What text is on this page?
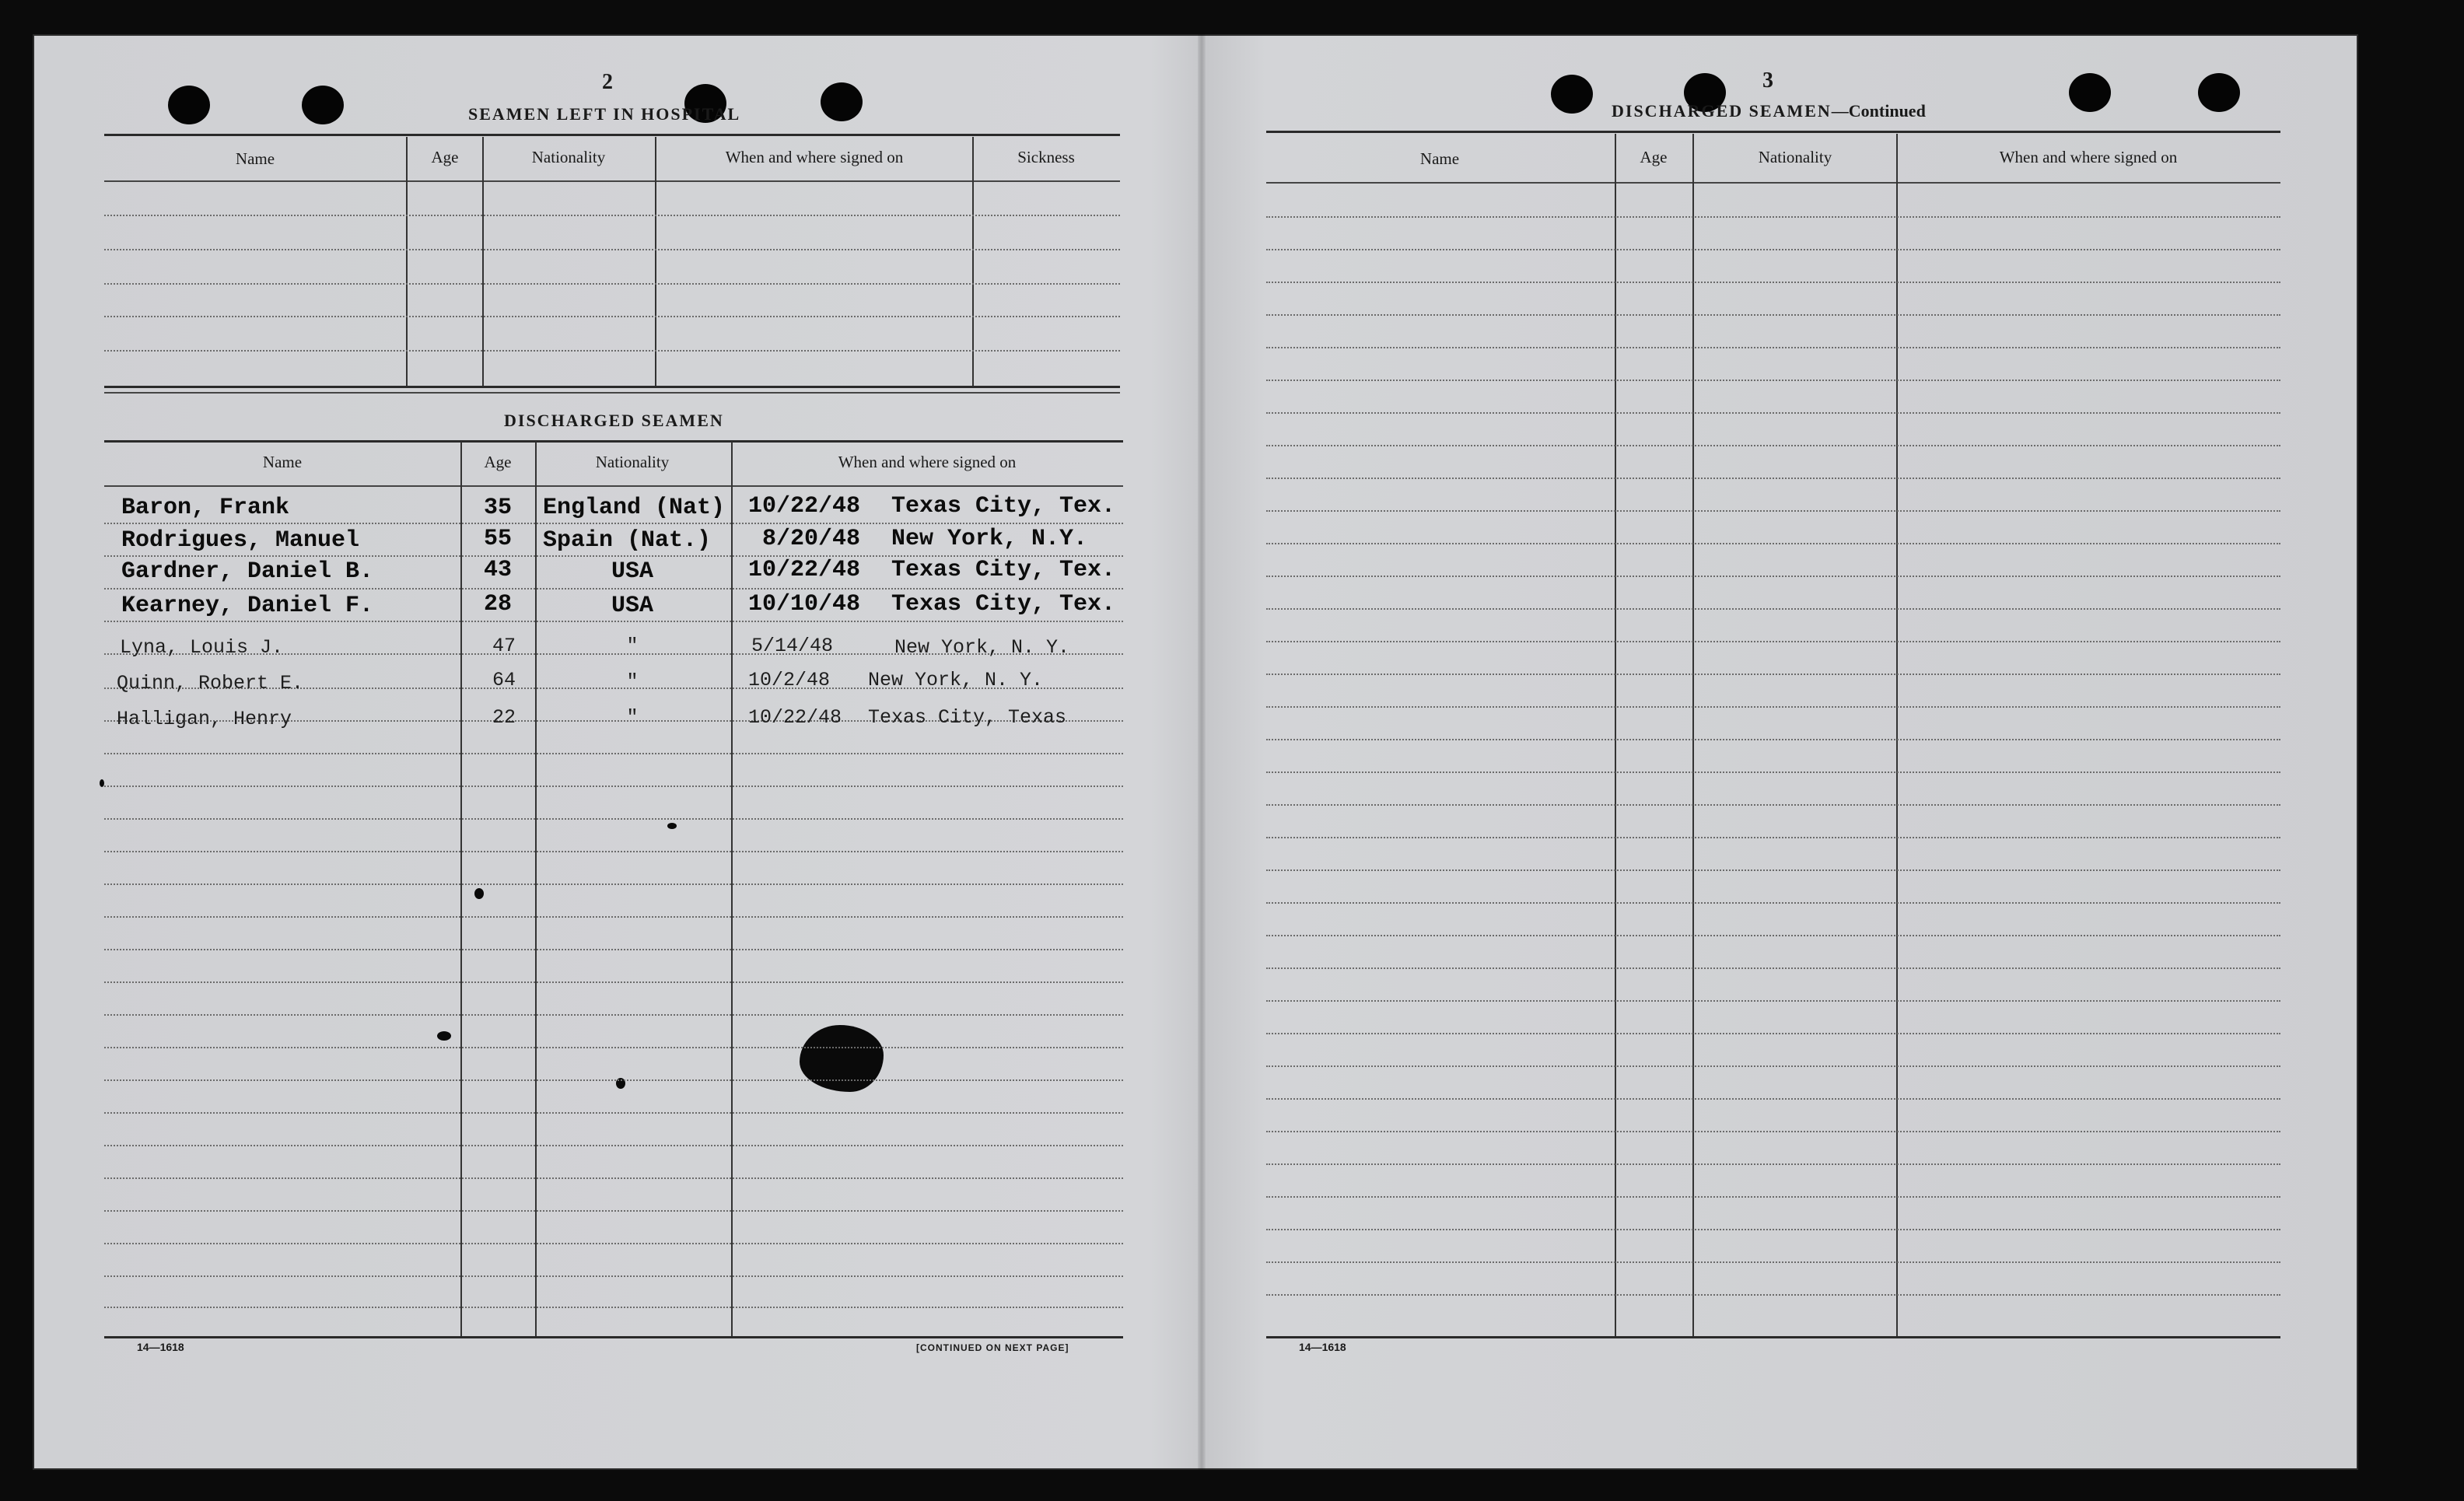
2
SEAMEN LEFT IN HOSPITAL
Name	Age	Nationality	When and where signed on	Sickness
DISCHARGED SEAMEN
Name	Age	Nationality	When and where signed on
Baron, Frank	35	England (Nat) 10/22/48 Texas City, Tex.
Rodrigues, Manuel	55	Spain (Nat.) 8/20/48 New York, N.Y.
Gardner, Daniel B.	43	USA	10/22/48 Texas City, Tex.
Kearney, Daniel F.	28	USA	10/10/48 Texas City, Tex.
Lyna, Louis J.	47	"	5/14/48	New York, N. Y.
Quinn, Robert E.	64	"	10/2/48 New York, N. Y.
Halligan, Henry	22	"	10/22/48 Texas City, Texas
14—1618	[CONTINUED ON NEXT PAGE]
3
DISCHARGED SEAMEN—Continued
Name	Age	Nationality	When and where signed on
14—1618
